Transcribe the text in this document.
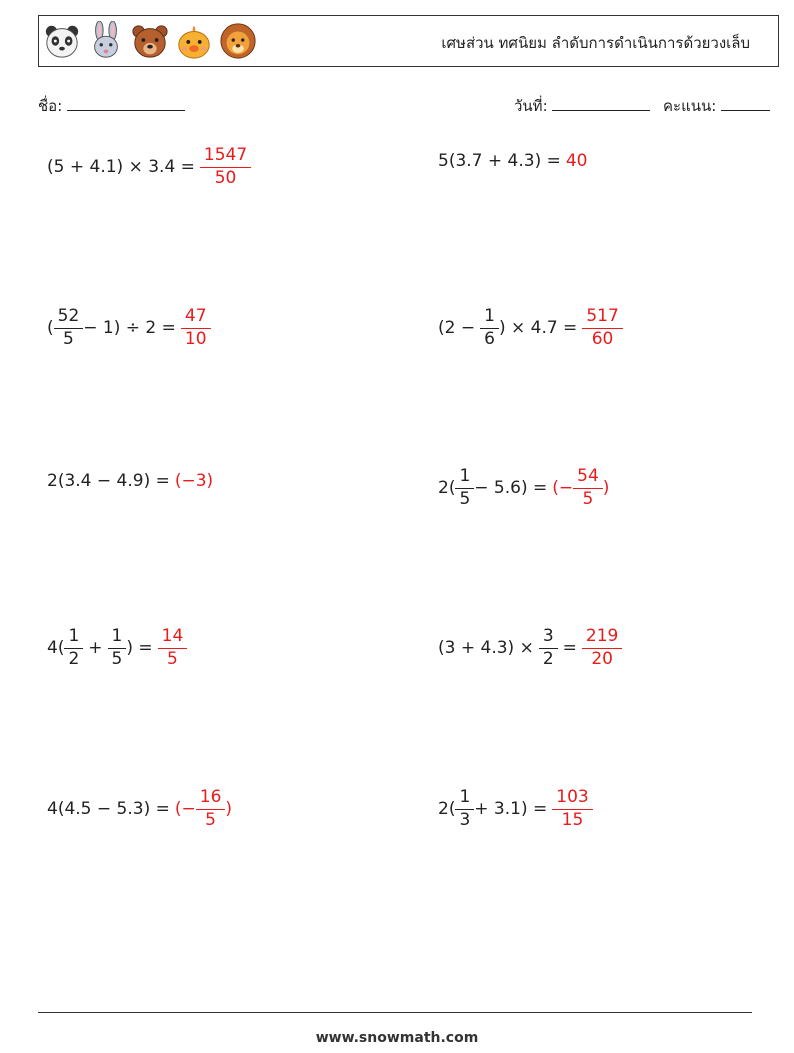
เศษส่วน ทศนิยม ลำดับการดำเนินการด้วยวงเล็บ
ชื่อ:	วันที่:	คะแนน:
$(5 + 4.1) \times 3.4 = \frac{1547}{50}$	5(3.7 + 4.3) = 40
( $\frac{52}{5} - 1) \div 2 = \frac{47}{10}$	($2 - \frac{1}{6}$ ) × $4.7 = \frac{517}{60}$
2(3.4 − 4.9) = (−3)	$2( \frac{1}{5} - 5.6)$ = (− $\frac{54}{5}$ )
$4( \frac{1}{2} + \frac{1}{5}$ ) = $\frac{14}{5}$	$(3 + 4.3) \times \frac{3}{2} = \frac{219}{20}$
4(4.5 − 5.3) = (− $\frac{16}{5}$ )	$2( \frac{1}{3} + 3.1) = \frac{103}{15}$
www.snowmath.com
